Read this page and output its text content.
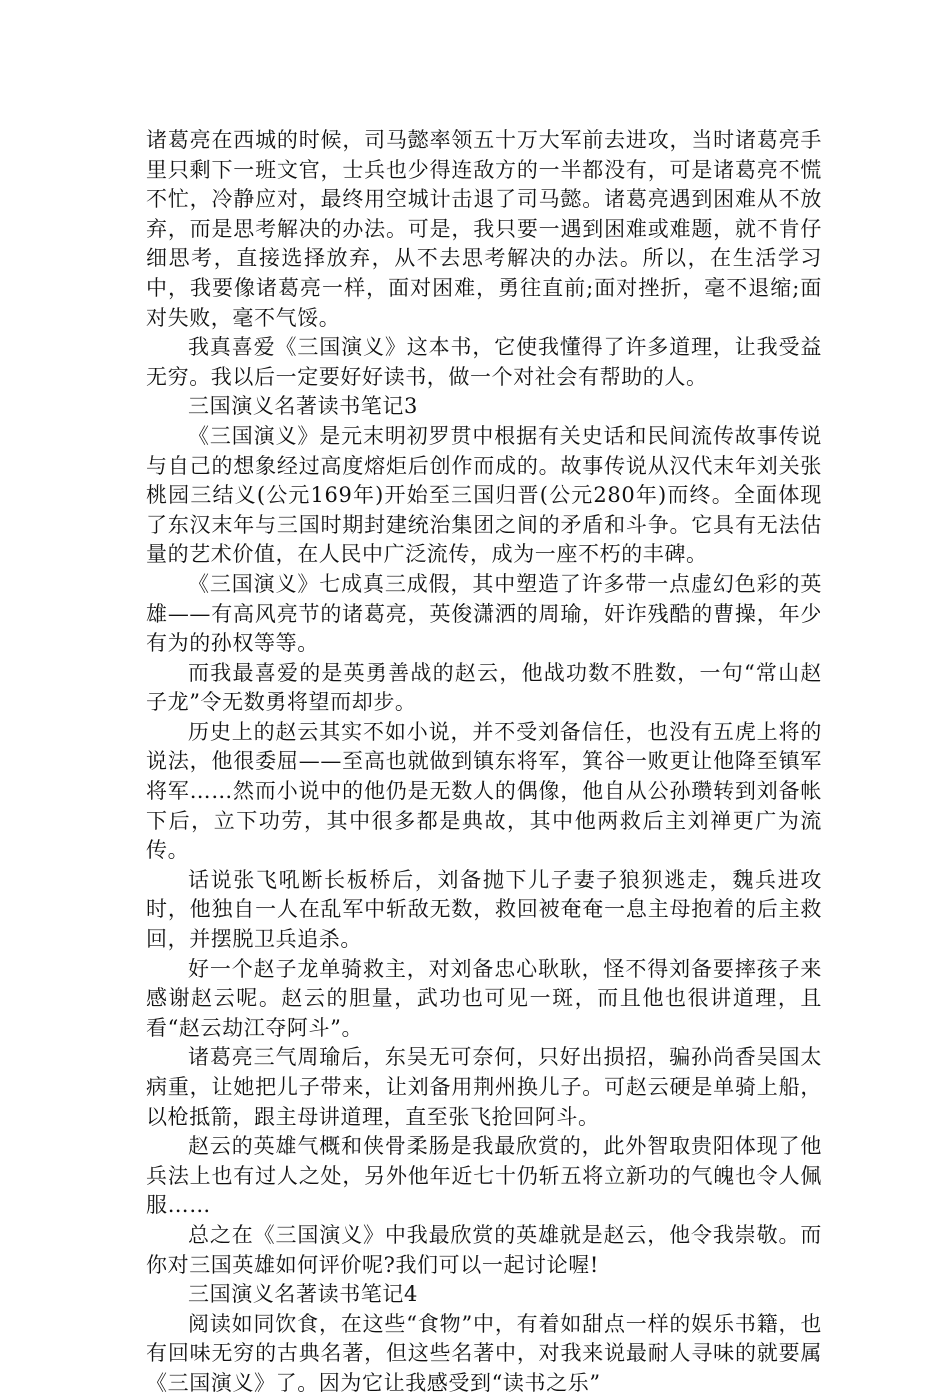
诸葛亮在西城的时候，司马懿率领五十万大军前去进攻，当时诸葛亮手里只剩下一班文官，士兵也少得连敌方的一半都没有，可是诸葛亮不慌不忙，冷静应对，最终用空城计击退了司马懿。诸葛亮遇到困难从不放弃，而是思考解决的办法。可是，我只要一遇到困难或难题，就不肯仔细思考，直接选择放弃，从不去思考解决的办法。所以，在生活学习中，我要像诸葛亮一样，面对困难，勇往直前;面对挫折，毫不退缩;面对失败，毫不气馁。

我真喜爱《三国演义》这本书，它使我懂得了许多道理，让我受益无穷。我以后一定要好好读书，做一个对社会有帮助的人。

三国演义名著读书笔记3

《三国演义》是元末明初罗贯中根据有关史话和民间流传故事传说与自己的想象经过高度熔炬后创作而成的。故事传说从汉代末年刘关张桃园三结义(公元169年)开始至三国归晋(公元280年)而终。全面体现了东汉末年与三国时期封建统治集团之间的矛盾和斗争。它具有无法估量的艺术价值，在人民中广泛流传，成为一座不朽的丰碑。

《三国演义》七成真三成假，其中塑造了许多带一点虚幻色彩的英雄——有高风亮节的诸葛亮，英俊潇洒的周瑜，奸诈残酷的曹操，年少有为的孙权等等。

而我最喜爱的是英勇善战的赵云，他战功数不胜数，一句“常山赵子龙”令无数勇将望而却步。

历史上的赵云其实不如小说，并不受刘备信任，也没有五虎上将的说法，他很委屈——至高也就做到镇东将军，箕谷一败更让他降至镇军将军……然而小说中的他仍是无数人的偶像，他自从公孙瓒转到刘备帐下后，立下功劳，其中很多都是典故，其中他两救后主刘禅更广为流传。

话说张飞吼断长板桥后，刘备抛下儿子妻子狼狈逃走，魏兵进攻时，他独自一人在乱军中斩敌无数，救回被奄奄一息主母抱着的后主救回，并摆脱卫兵追杀。

好一个赵子龙单骑救主，对刘备忠心耿耿，怪不得刘备要摔孩子来感谢赵云呢。赵云的胆量，武功也可见一斑，而且他也很讲道理，且看“赵云劫江夺阿斗”。

诸葛亮三气周瑜后，东吴无可奈何，只好出损招，骗孙尚香吴国太病重，让她把儿子带来，让刘备用荆州换儿子。可赵云硬是单骑上船，以枪抵箭，跟主母讲道理，直至张飞抢回阿斗。

赵云的英雄气概和侠骨柔肠是我最欣赏的，此外智取贵阳体现了他兵法上也有过人之处，另外他年近七十仍斩五将立新功的气魄也令人佩服……

总之在《三国演义》中我最欣赏的英雄就是赵云，他令我崇敬。而你对三国英雄如何评价呢?我们可以一起讨论喔!

三国演义名著读书笔记4

阅读如同饮食，在这些“食物”中，有着如甜点一样的娱乐书籍，也有回味无穷的古典名著，但这些名著中，对我来说最耐人寻味的就要属《三国演义》了。因为它让我感受到“读书之乐”
